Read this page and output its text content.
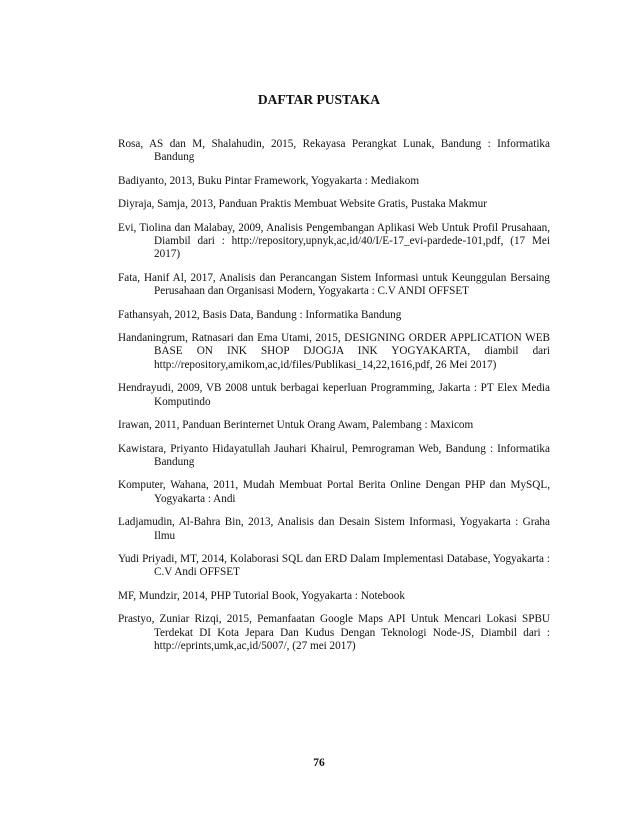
DAFTAR PUSTAKA

Rosa, AS dan M, Shalahudin, 2015, Rekayasa Perangkat Lunak, Bandung : Informatika Bandung

Badiyanto, 2013, Buku Pintar Framework, Yogyakarta : Mediakom

Diyraja, Samja, 2013, Panduan Praktis Membuat Website Gratis, Pustaka Makmur

Evi, Tiolina dan Malabay, 2009, Analisis Pengembangan Aplikasi Web Untuk Profil Prusahaan, Diambil dari : http://repository,upnyk,ac,id/40/I/E-17_evi-pardede-101,pdf, (17 Mei 2017)

Fata, Hanif Al, 2017, Analisis dan Perancangan Sistem Informasi untuk Keunggulan Bersaing Perusahaan dan Organisasi Modern, Yogyakarta : C.V ANDI OFFSET

Fathansyah, 2012, Basis Data, Bandung : Informatika Bandung

Handaningrum, Ratnasari dan Ema Utami, 2015, DESIGNING ORDER APPLICATION WEB BASE ON INK SHOP DJOGJA INK YOGYAKARTA, diambil dari http://repository,amikom,ac,id/files/Publikasi_14,22,1616,pdf, 26 Mei 2017)

Hendrayudi, 2009, VB 2008 untuk berbagai keperluan Programming, Jakarta : PT Elex Media Komputindo

Irawan, 2011, Panduan Berinternet Untuk Orang Awam, Palembang : Maxicom

Kawistara, Priyanto Hidayatullah Jauhari Khairul, Pemrograman Web, Bandung : Informatika Bandung

Komputer, Wahana, 2011, Mudah Membuat Portal Berita Online Dengan PHP dan MySQL, Yogyakarta : Andi

Ladjamudin, Al-Bahra Bin, 2013, Analisis dan Desain Sistem Informasi, Yogyakarta : Graha Ilmu

Yudi Priyadi, MT, 2014, Kolaborasi SQL dan ERD Dalam Implementasi Database, Yogyakarta : C.V Andi OFFSET

MF, Mundzir, 2014, PHP Tutorial Book, Yogyakarta : Notebook

Prastyo, Zuniar Rizqi, 2015, Pemanfaatan Google Maps API Untuk Mencari Lokasi SPBU Terdekat DI Kota Jepara Dan Kudus Dengan Teknologi Node-JS, Diambil dari : http://eprints,umk,ac,id/5007/, (27 mei 2017)

76
